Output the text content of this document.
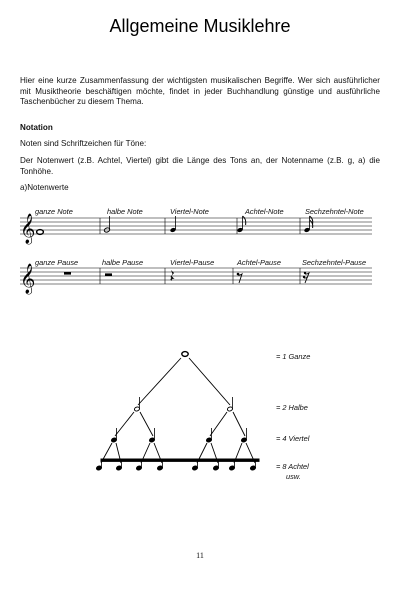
Allgemeine Musiklehre

Hier eine kurze Zusammenfassung der wichtigsten musikalischen Begriffe. Wer sich ausführlicher mit Musiktheorie beschäftigen möchte, findet in jeder Buchhandlung günstige und ausführliche Taschenbücher zu diesem Thema.

Notation

Noten sind Schriftzeichen für Töne:

Der Notenwert (z.B. Achtel, Viertel) gibt die Länge des Tons an, der Notenname (z.B. g, a) die Tonhöhe.

a)Notenwerte

ganze Note	halbe Note	Viertel-Note	Achtel-Note	Sechzehntel-Note
ganze Pause	halbe Pause	Viertel-Pause	Achtel-Pause	Sechzehntel-Pause
𝄞
𝄞
= 1 Ganze
= 2 Halbe
= 4 Viertel
= 8 Achtel
usw.
11
